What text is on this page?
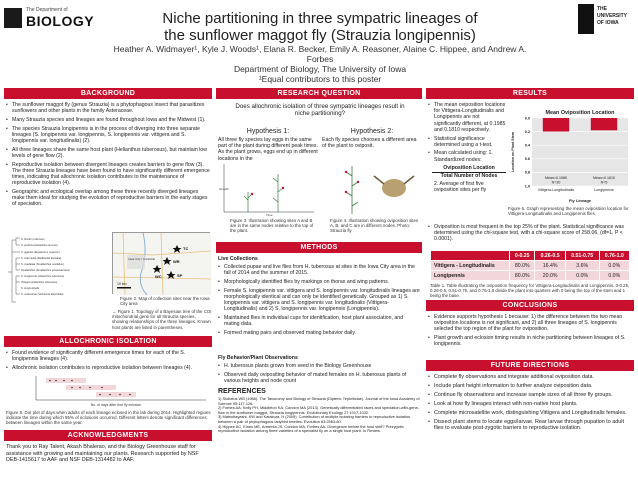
The Department of
BIOLOGY	Niche partitioning in three sympatric lineages of
the sunflower maggot fly (Strauzia longipennis)
Heather A. Widmayer¹, Kyle J. Woods¹, Elana R. Becker, Emily A. Reasoner, Alaine C. Hippee, and Andrew A. Forbes
Department of Biology, The University of Iowa
¹Equal contributors to this poster
THE
UNIVERSITY
OF IOWA
BACKGROUND
• The sunflower maggot fly (genus Strauzia) is a phytophagous insect that parasitizes sunflowers and other plants in the family Asteraceae.
• Many Strauzia species and lineages are found throughout Iowa and the Midwest (1).
• The species Strauzia longipennis is in the process of diverging into three separate lineages (S. longipennis var. longipennis, S. longipennis var. vittigera and S. longipennis var. longitudinalis) (2).
• All three lineages share the same host plant (Helianthus tuberosus), but maintain low levels of gene flow (2).
• Reproductive isolation between divergent lineages creates barriers to gene flow (3). The three Strauzia lineages have been found to have significantly different emergence times, indicating that allochronic isolation contributes to the maintenance of reproductive isolation (4).
• Geographic and ecological overlap among these three recently diverged lineages make them ideal for studying the evolution of reproductive barriers in the early stages of speciation.
S. bicolor (unknown)
S. perfecta (Helianthus annuus)
S. gigantei (Eupatorium rugosum)
S. intermedia (Rudbeckia laciniata)
S. uvedaliae (Smallanthus uvedalius)
Smallanthus (Smallanthus grosseserratus)
S. longipennis (Helianthus tuberosus)
Vittigera (Helianthus tuberosus)
S. longitudinalis
S. verbesinae (Verbesina alternifolia)
TC
WR
WC	SP
Iowa City / Coralville
10 km
Figure 2. Map of collection sites near the Iowa City area
→ Figure 1. Topology of a Bayesian tree of the COI mitochondrial gene for all Strauzia species, showing relationships of the three lineages. Known host plants are listed in parentheses.
ALLOCHRONIC ISOLATION
• Found evidence of significantly different emergence times for each of the S. longipennis lineages (4).
• Allochronic isolation contributes to reproductive isolation between lineages (4).
No. of days after first fly eclosion
Figure 5. Dot plot of days when adults of each lineage eclosed in the lab during 2014. Highlighted regions indicate the time during which 95% of eclosions occurred. Different letters denote significant differences between lineages within the same year.
ACKNOWLEDGMENTS
Thank you to Ray Talent, Akash Bhalerao, and the Biology Greenhouse staff for assistance with growing and maintaining our plants. Research supported by NSF DEB-1415617 to AAF and NSF DEB-1314482 to AAF.
RESEARCH QUESTION
Does allochronic isolation of three sympatric lineages result in niche partitioning?
Hypothesis 1:
All three fly species lay eggs in the same part of the plant during different peak times. As the plant grows, eggs end up in different locations in the
Hypothesis 2:
Each fly species chooses a different area of the plant to oviposit.
Growth
Time
Figure 3. Illustration showing sites A and B are in the same nodes relative to the top of the plant.
Figure 4. Illustration showing oviposition sites A, B, and C are in different nodes. Photo: Strauzia fly
METHODS
Live Collections
• Collected pupae and live flies from H. tuberosus at sites in the Iowa City area in the fall of 2014 and the summer of 2015.
• Morphologically identified flies by markings on thorax and wing patterns.
• Female S. longipennis var. vittigera and S. longipennis var. longitudinalis lineages are morphologically identical and can only be identified genetically. Grouped as 1) S. longipennis var. vittigera and S. longipennis var. longitudinalis (Vittigera-Longitudinalis) and 2) S. longipennis var. longipennis (Longipennis).
• Maintained flies in individual cups for identification, host plant association, and mating data.
• Formed mating pairs and observed mating behavior daily.
Fly Behavior/Plant Observations
• H. tuberosus plants grown from seed in the Biology Greenhouse
• Observed daily ovipositing behavior of mated females on H. tuberosus plants of various heights and node count
REFERENCES
1) Stoltzfus WB (1988). The Taxonomy and Biology of Strauzia (Diptera: Tephritidae). Journal of the Iowa Academy of Science 95:117-126.
2) Forbes AA, Kelly PH, Middleton KA, Condon MA (2013). Genetically differentiated races and speciation-with-gene-flow in the sunflower maggot, Strauzia longipennis. Evolutionary Ecology 27:1017-1032.
3) Matsubayashi, KW and Katakura, H (2009). Contribution of multiple isolating barriers to reproductive isolation between a pair of phytophagous ladybird beetles. Evolution 63:2563-80.
4) Hippee AC, Elnes ME, Armenta JS, Condon MA, Forbes AA. Divergence before the host shift? Prezygotic reproductive isolation among three varieties of a specialist fly on a single host plant. In Review.
RESULTS
• The mean oviposition locations for Vittigera-Longitudinalis and Longipennis are not significantly different, at 0.1985 and 0.1810 respectively.
• Statistical significance determined using a t-test.
• Mean calculated using: 1. Standardized nodes:
Oviposition Location
Total Number of Nodes
2. Average of first five oviposition sites per fly
Mean Oviposition Location
0.0
0.2
0.4
0.6
0.8
1.0
Mean=0.1985
N=30
Vittigera-Longitudinalis
Mean=0.1810
N=5
Longipennis
Location on Plant Stem
Fly Lineage
Figure 6. Graph representing the mean oviposition location for Vittigera-Longitudinalis and Longipennis flies.
• Oviposition is most frequent in the top 25% of the plant. Statistical significance was determined using the chi-square test, with a chi-square score of 258.06, (df=1, P < 0.0001).
	0-0.25	0.26-0.5	0.51-0.75	0.76-1.0
Vittigera - Longitudinalis	80.0%	16.4%	3.6%	0.0%
Longipennis	80.0%	20.0%	0.0%	0.0%
Table 1. Table illustrating the oviposition frequency for Vittigera-Longitudinalis and Longipennis. 0-0.25, 0.26-0.5, 0.51-0.75, and 0.76-1.0 divide the plant into quarters with 0 being the top of the stem and 1 being the base.
CONCLUSIONS
• Evidence supports hypothesis 1 because: 1) the difference between the two mean oviposition locations is not significant, and 2) all three lineages of S. longipennis selected the top region of the plant for oviposition.
• Plant growth and eclosion timing results in niche partitioning between lineages of S. longipennis.
FUTURE DIRECTIONS
• Complete fly observations and integrate additional oviposition data.
• Include plant height information to further analyze oviposition data.
• Continue fly observations and increase sample sizes of all three fly groups.
• Look at how fly lineages interact with non-native host plants.
• Complete microsatellite work, distinguishing Vittigera and Longitudinalis females.
• Dissect plant stems to locate eggs/larvae. Rear larvae through pupation to adult flies to evaluate post-zygotic barriers to reproductive isolation.
